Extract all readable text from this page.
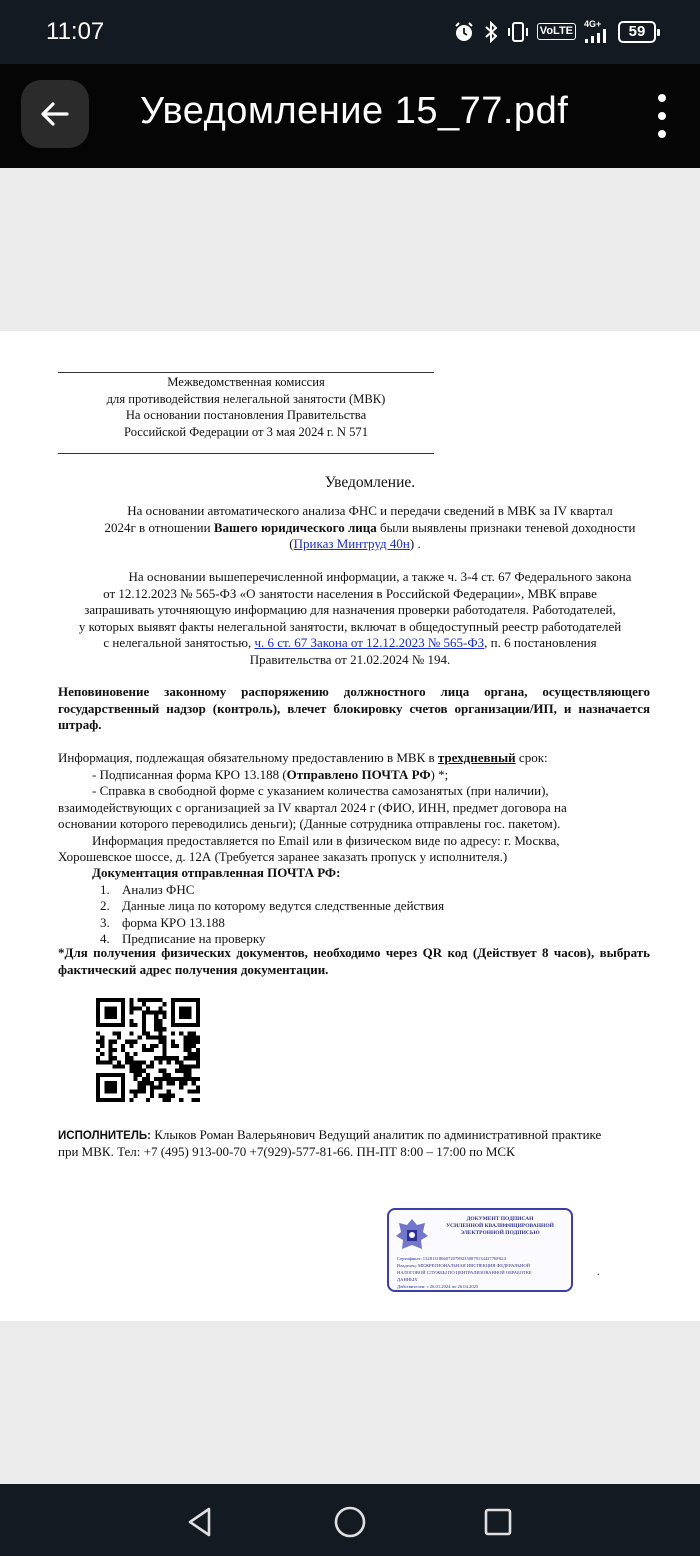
11:07	VoLTE
4G+	59
Уведомление 15_77.pdf
Межведомственная комиссия
для противодействия нелегальной занятости (МВК)
На основании постановления Правительства
Российской Федерации от 3 мая 2024 г. N 571
Уведомление.
На основании автоматического анализа ФНС и передачи сведений в МВК за IV квартал
2024г в отношении Вашего юридического лица были выявлены признаки теневой доходности
(Приказ Минтруд 40н) .
На основании вышеперечисленной информации, а также ч. 3-4 ст. 67 Федерального закона
от 12.12.2023 № 565-ФЗ «О занятости населения в Российской Федерации», МВК вправе
запрашивать уточняющую информацию для назначения проверки работодателя. Работодателей,
у которых выявят факты нелегальной занятости, включат в общедоступный реестр работодателей
с нелегальной занятостью, ч. 6 ст. 67 Закона от 12.12.2023 № 565-ФЗ, п. 6 постановления
Правительства от 21.02.2024 № 194.
Неповиновение законному распоряжению должностного лица органа, осуществляющего государственный надзор (контроль), влечет блокировку счетов организации/ИП, и назначается штраф.
Информация, подлежащая обязательному предоставлению в МВК в трехдневный срок:
- Подписанная форма КРО 13.188 (Отправлено ПОЧТА РФ) *;
- Справка в свободной форме с указанием количества самозанятых (при наличии),
взаимодействующих с организацией за IV квартал 2024 г (ФИО, ИНН, предмет договора на
основании которого переводились деньги); (Данные сотрудника отправлены гос. пакетом).
Информация предоставляется по Email или в физическом виде по адресу: г. Москва,
Хорошевское шоссе, д. 12А (Требуется заранее заказать пропуск у исполнителя.)
Документация отправленная ПОЧТА РФ:
1. Анализ ФНС
2. Данные лица по которому ведутся следственные действия
3. форма КРО 13.188
4. Предписание на проверку
*Для получения физических документов, необходимо через QR код (Действует 8 часов), выбрать фактический адрес получения документации.
ИСПОЛНИТЕЛЬ: Клыков Роман Валерьянович Ведущий аналитик по административной практике
при МВК. Тел: +7 (495) 913-00-70 +7(929)-577-81-66. ПН-ПТ 8:00 – 17:00 по МСК
ДОКУМЕНТ ПОДПИСАН
УСИЛЕННОЙ КВАЛИФИЦИРОВАННОЙ
ЭЛЕКТРОННОЙ ПОДПИСЬЮ
Сертификат: 13281318660720789235087913442776F024
Владелец: МЕЖРЕГИОНАЛЬНАЯ ИНСПЕКЦИЯ ФЕДЕРАЛЬНОЙ
НАЛОГОВОЙ СЛУЖБЫ ПО ЦЕНТРАЛИЗОВАННОЙ ОБРАБОТКЕ
ДАННЫХ
Действителен: с 26.01.2024 по 26.04.2025
.
